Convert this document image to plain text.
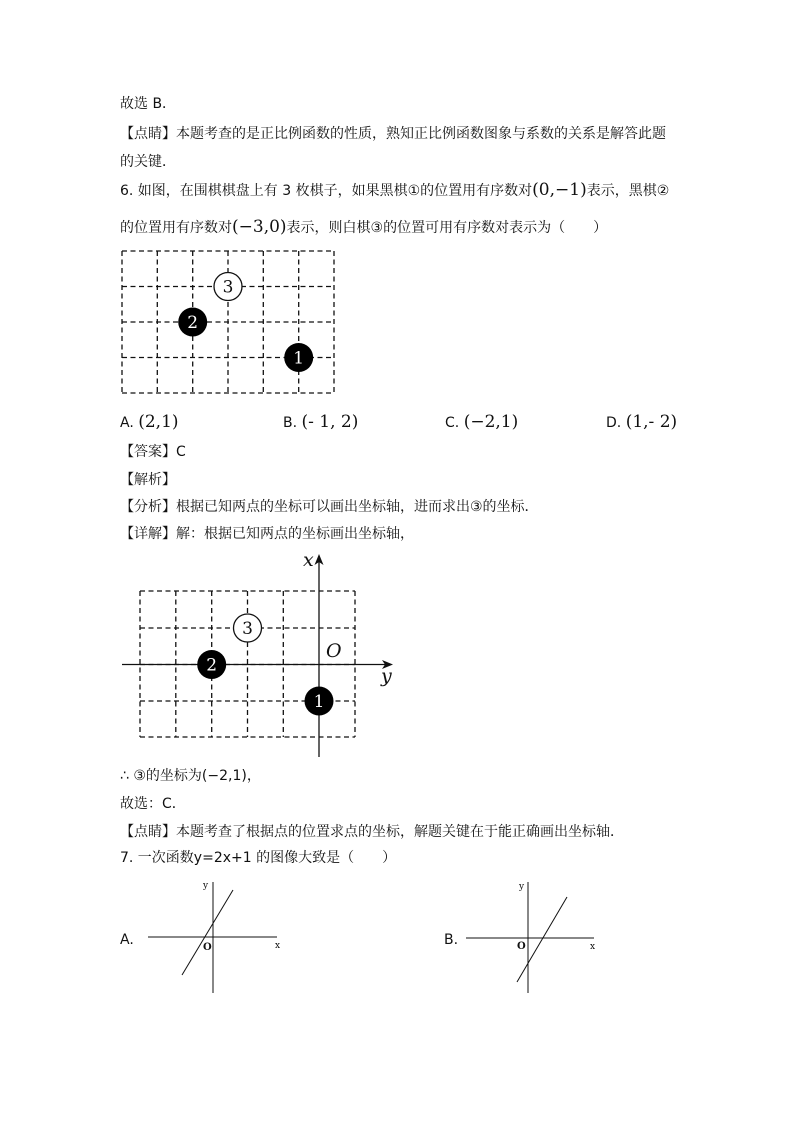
故选 B．
【点睛】本题考查的是正比例函数的性质，熟知正比例函数图象与系数的关系是解答此题
的关键．
6. 如图，在围棋棋盘上有 3 枚棋子，如果黑棋①的位置用有序数对(0,−1)表示，黑棋②
的位置用有序数对(−3,0)表示，则白棋③的位置可用有序数对表示为（　　）
3
2
1
A. (2,1)	B. (- 1, 2)	C. (−2,1)	D. (1,- 2)
【答案】C
【解析】
【分析】根据已知两点的坐标可以画出坐标轴，进而求出③的坐标．
【详解】解：根据已知两点的坐标画出坐标轴，
x
y
O
3
2
1
∴ ③的坐标为(−2,1)，
故选：C．
【点睛】本题考查了根据点的位置求点的坐标，解题关键在于能正确画出坐标轴．
7. 一次函数y=2x+1 的图像大致是（　　）
A.	x
y
O	B.	x
y
O
